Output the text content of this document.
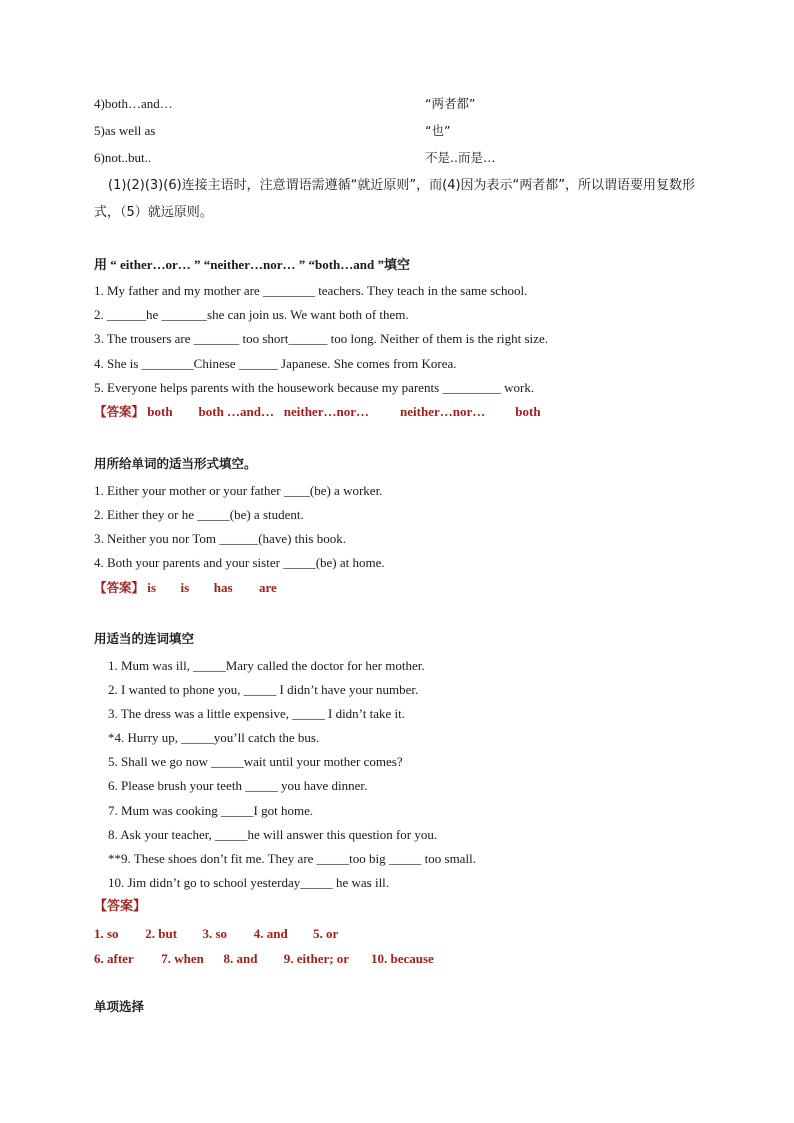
4)both…and…	“两者都”
5)as well as	“也”
6)not..but..	不是..而是…
(1)(2)(3)(6)连接主语时，注意谓语需遵循“就近原则”，而(4)因为表示“两者都”，所以谓语要用复数形式，（5）就远原则。
用 “ either…or… ” “neither…nor… ” “both…and ”填空
1. My father and my mother are ________ teachers. They teach in the same school.
2. ______he _______she can join us. We want both of them.
3. The trousers are _______ too short______ too long. Neither of them is the right size.
4. She is ________Chinese ______ Japanese. She comes from Korea.
5. Everyone helps parents with the housework because my parents _________ work.
【答案】 both both …and… neither…nor… neither…nor… both
用所给单词的适当形式填空。
1. Either your mother or your father ____(be) a worker.
2. Either they or he _____(be) a student.
3. Neither you nor Tom ______(have) this book.
4. Both your parents and your sister _____(be) at home.
【答案】 is is has are
用适当的连词填空
1. Mum was ill, _____Mary called the doctor for her mother.
2. I wanted to phone you, _____ I didn’t have your number.
3. The dress was a little expensive, _____ I didn’t take it.
*4. Hurry up, _____you’ll catch the bus.
5. Shall we go now _____wait until your mother comes?
6. Please brush your teeth _____ you have dinner.
7. Mum was cooking _____I got home.
8. Ask your teacher, _____he will answer this question for you.
**9. These shoes don’t fit me. They are _____too big _____ too small.
10. Jim didn’t go to school yesterday_____ he was ill.
【答案】
1. so 2. but 3. so 4. and 5. or
6. after 7. when 8. and 9. either; or 10. because
单项选择
